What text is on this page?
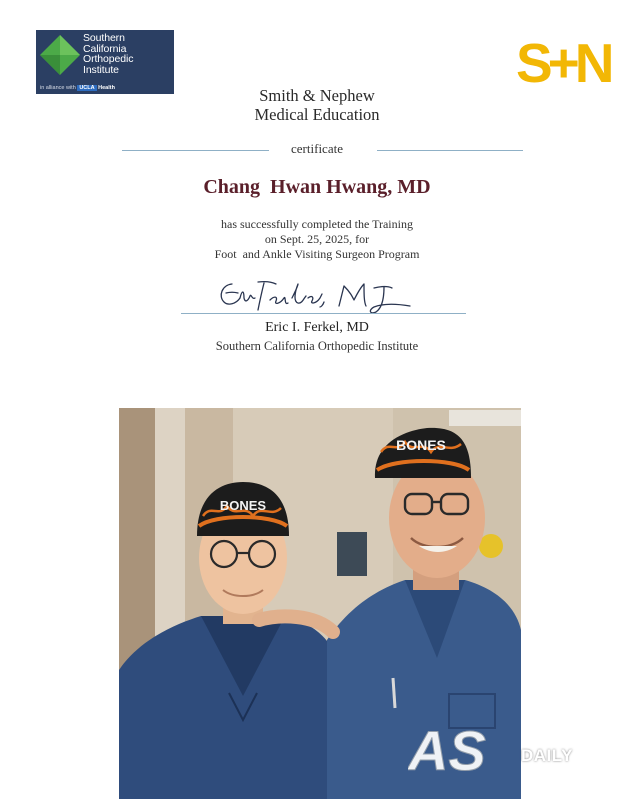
Southern
California
Orthopedic
Institute
in alliance with UCLA Health	S+N
Smith & Nephew
Medical Education
certificate
Chang  Hwan Hwang, MD
has successfully completed the Training
on Sept. 25, 2025, for
Foot  and Ankle Visiting Surgeon Program
Eric I. Ferkel, MD
Southern California Orthopedic Institute
BONES
BONES
AS DAILY
